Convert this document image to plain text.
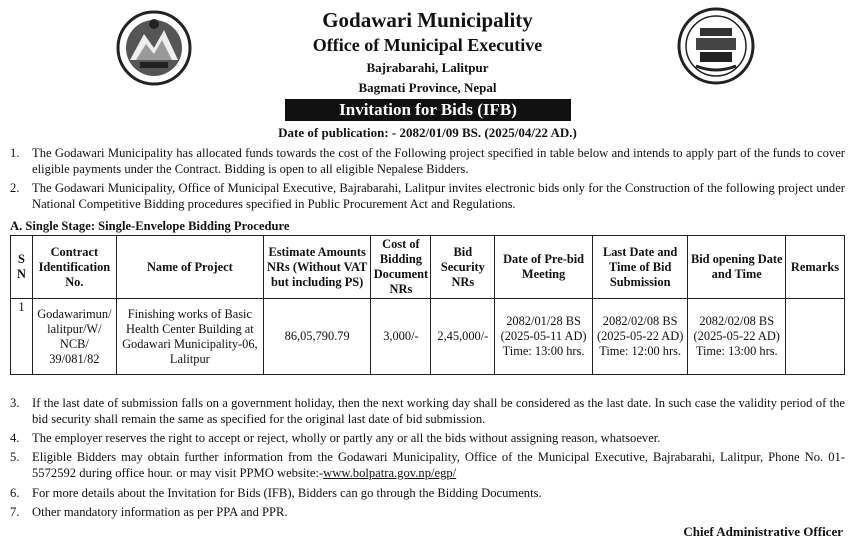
Godawari Municipality
Office of Municipal Executive
Bajrabarahi, Lalitpur
Bagmati Province, Nepal
Invitation for Bids (IFB)
Date of publication: - 2082/01/09 BS. (2025/04/22 AD.)
1. The Godawari Municipality has allocated funds towards the cost of the Following project specified in table below and intends to apply part of the funds to cover eligible payments under the Contract. Bidding is open to all eligible Nepalese Bidders.
2. The Godawari Municipality, Office of Municipal Executive, Bajrabarahi, Lalitpur invites electronic bids only for the Construction of the following project under National Competitive Bidding procedures specified in Public Procurement Act and Regulations.
A. Single Stage: Single-Envelope Bidding Procedure
S N	Contract Identification No.	Name of Project	Estimate Amounts NRs (Without VAT but including PS)	Cost of Bidding Document NRs	Bid Security NRs	Date of Pre-bid Meeting	Last Date and Time of Bid Submission	Bid opening Date and Time	Remarks
1	Godawarimun/ lalitpur/W/ NCB/ 39/081/82	Finishing works of Basic Health Center Building at Godawari Municipality-06, Lalitpur	86,05,790.79	3,000/-	2,45,000/-	2082/01/28 BS (2025-05-11 AD) Time: 13:00 hrs.	2082/02/08 BS (2025-05-22 AD) Time: 12:00 hrs.	2082/02/08 BS (2025-05-22 AD) Time: 13:00 hrs.	
3. If the last date of submission falls on a government holiday, then the next working day shall be considered as the last date. In such case the validity period of the bid security shall remain the same as specified for the original last date of bid submission.
4. The employer reserves the right to accept or reject, wholly or partly any or all the bids without assigning reason, whatsoever.
5. Eligible Bidders may obtain further information from the Godawari Municipality, Office of the Municipal Executive, Bajrabarahi, Lalitpur, Phone No. 01-5572592 during office hour. or may visit PPMO website:-www.bolpatra.gov.np/egp/
6. For more details about the Invitation for Bids (IFB), Bidders can go through the Bidding Documents.
7. Other mandatory information as per PPA and PPR.
Chief Administrative Officer
